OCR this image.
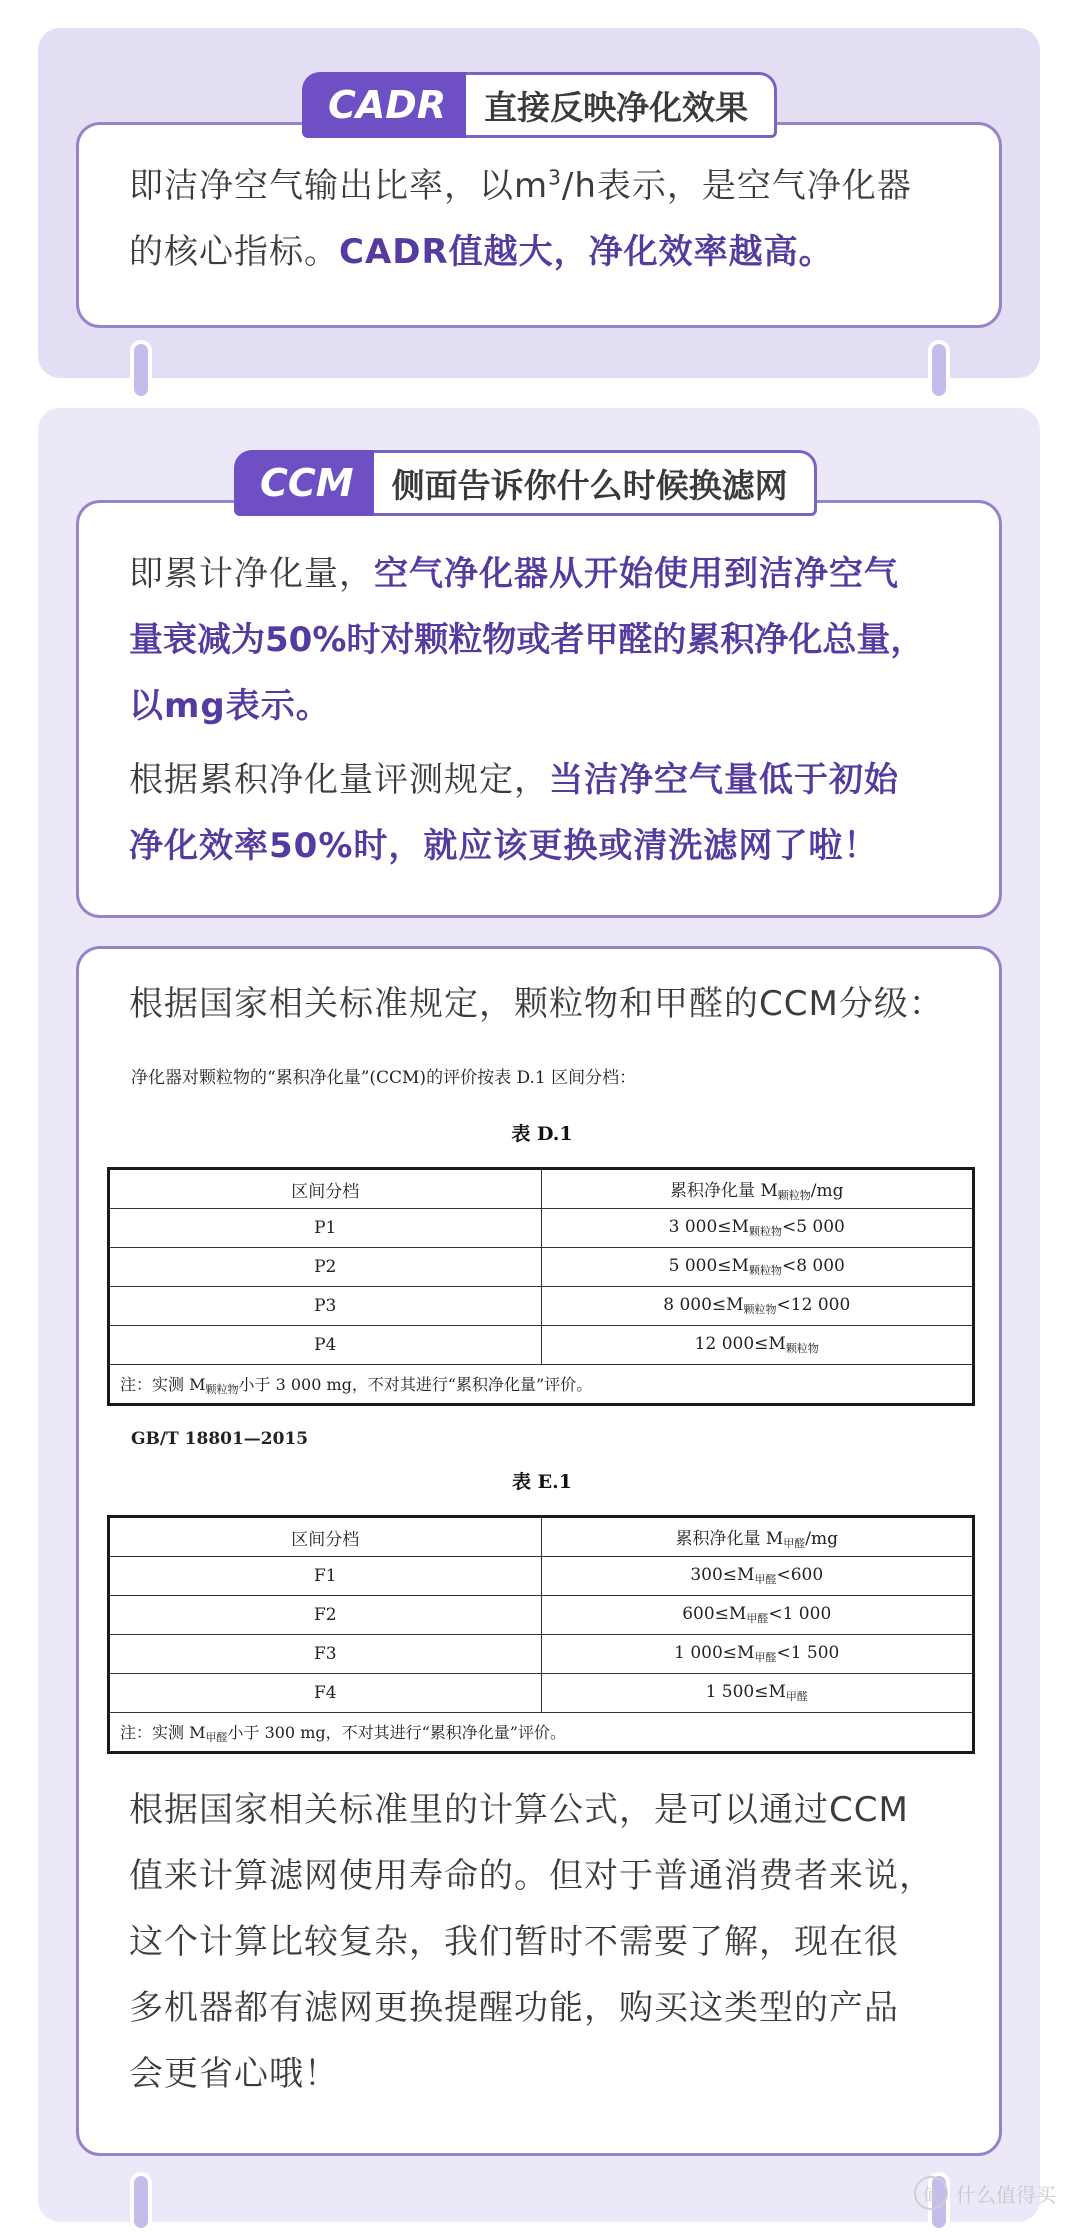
即洁净空气输出比率，以$m^3/h$表示，是空气净化器
的核心指标。CADR值越大，净化效率越高。
CADR	直接反映净化效果
即累计净化量，空气净化器从开始使用到洁净空气
量衰减为50%时对颗粒物或者甲醛的累积净化总量，
以mg表示。
根据累积净化量评测规定，当洁净空气量低于初始
净化效率50%时，就应该更换或清洗滤网了啦！
CCM	侧面告诉你什么时候换滤网
根据国家相关标准规定，颗粒物和甲醛的CCM分级：
净化器对颗粒物的“累积净化量”(CCM)的评价按表 D.1 区间分档：
表 D.1
区间分档	累积净化量 M颗粒物/mg
P1	3 000≤M颗粒物<5 000
P2	5 000≤M颗粒物<8 000
P3	8 000≤M颗粒物<12 000
P4	12 000≤M颗粒物
注：实测 M颗粒物小于 3 000 mg，不对其进行“累积净化量”评价。	
GB/T 18801—2015
表 E.1
区间分档	累积净化量 M甲醛/mg
F1	300≤M甲醛<600
F2	600≤M甲醛<1 000
F3	1 000≤M甲醛<1 500
F4	1 500≤M甲醛
注：实测 M甲醛小于 300 mg，不对其进行“累积净化量”评价。	
根据国家相关标准里的计算公式，是可以通过CCM
值来计算滤网使用寿命的。但对于普通消费者来说，
这个计算比较复杂，我们暂时不需要了解，现在很
多机器都有滤网更换提醒功能，购买这类型的产品
会更省心哦！
值 什么值得买
